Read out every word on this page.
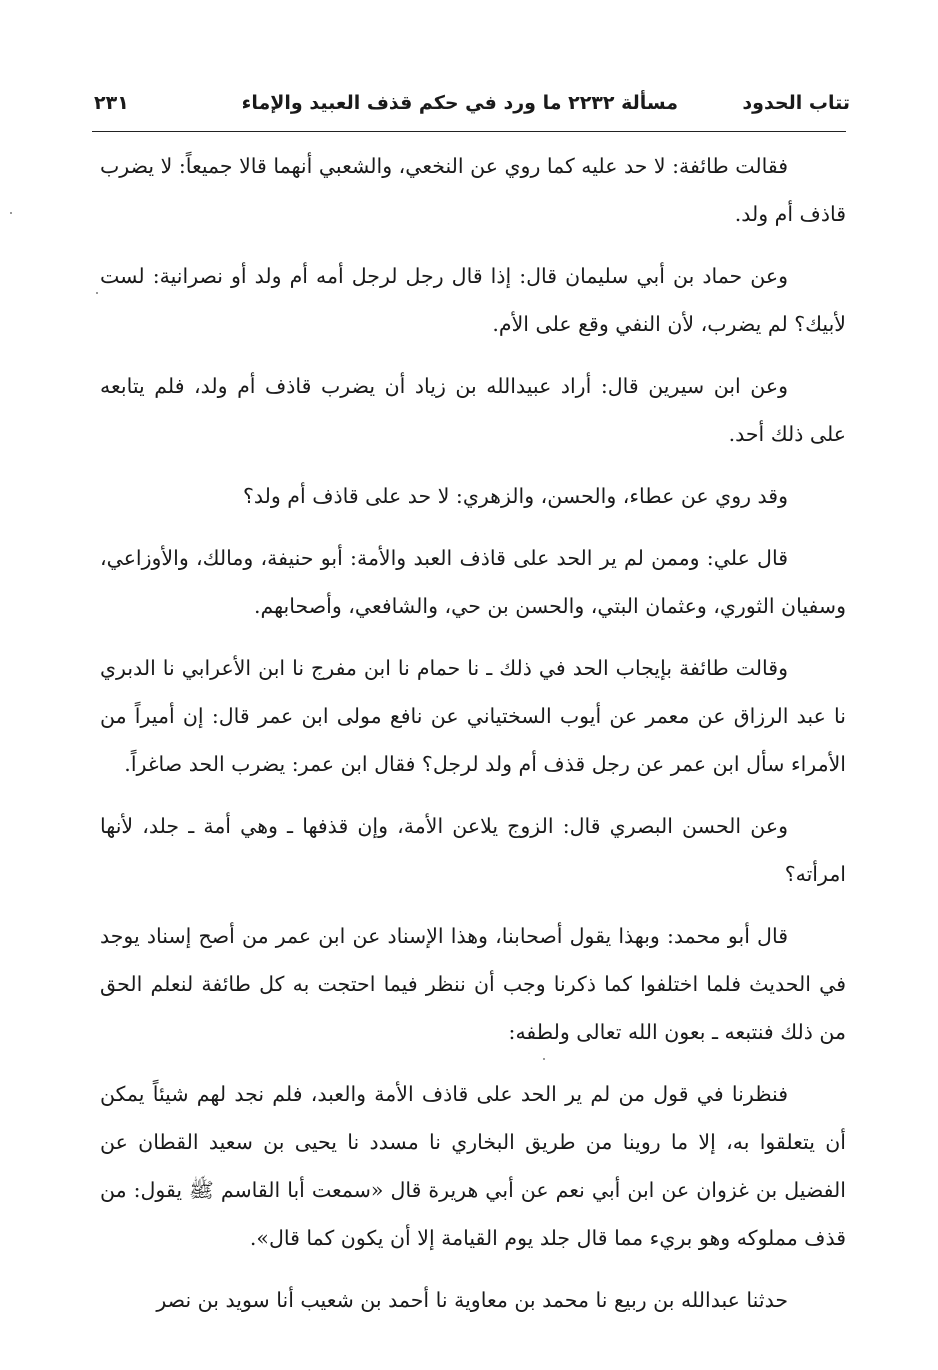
تتاب الحدود
مسألة ٢٢٣٢ ما ورد في حكم قذف العبيد والإماء
٢٣١

فقالت طائفة: لا حد عليه كما روي عن النخعي، والشعبي أنهما قالا جميعاً: لا يضرب قاذف أم ولد.

وعن حماد بن أبي سليمان قال: إذا قال رجل لرجل أمه أم ولد أو نصرانية: لست لأبيك؟ لم يضرب، لأن النفي وقع على الأم.

وعن ابن سيرين قال: أراد عبيدالله بن زياد أن يضرب قاذف أم ولد، فلم يتابعه على ذلك أحد.

وقد روي عن عطاء، والحسن، والزهري: لا حد على قاذف أم ولد؟

قال علي: وممن لم ير الحد على قاذف العبد والأمة: أبو حنيفة، ومالك، والأوزاعي، وسفيان الثوري، وعثمان البتي، والحسن بن حي، والشافعي، وأصحابهم.

وقالت طائفة بإيجاب الحد في ذلك ـ نا حمام نا ابن مفرج نا ابن الأعرابي نا الدبري نا عبد الرزاق عن معمر عن أيوب السختياني عن نافع مولى ابن عمر قال: إن أميراً من الأمراء سأل ابن عمر عن رجل قذف أم ولد لرجل؟ فقال ابن عمر: يضرب الحد صاغراً.

وعن الحسن البصري قال: الزوج يلاعن الأمة، وإن قذفها ـ وهي أمة ـ جلد، لأنها امرأته؟

قال أبو محمد: وبهذا يقول أصحابنا، وهذا الإسناد عن ابن عمر من أصح إسناد يوجد في الحديث فلما اختلفوا كما ذكرنا وجب أن ننظر فيما احتجت به كل طائفة لنعلم الحق من ذلك فنتبعه ـ بعون الله تعالى ولطفه:

فنظرنا في قول من لم ير الحد على قاذف الأمة والعبد، فلم نجد لهم شيئاً يمكن أن يتعلقوا به، إلا ما روينا من طريق البخاري نا مسدد نا يحيى بن سعيد القطان عن الفضيل بن غزوان عن ابن أبي نعم عن أبي هريرة قال «سمعت أبا القاسم ﷺ يقول: من قذف مملوكه وهو بريء مما قال جلد يوم القيامة إلا أن يكون كما قال».

حدثنا عبدالله بن ربيع نا محمد بن معاوية نا أحمد بن شعيب أنا سويد بن نصر
